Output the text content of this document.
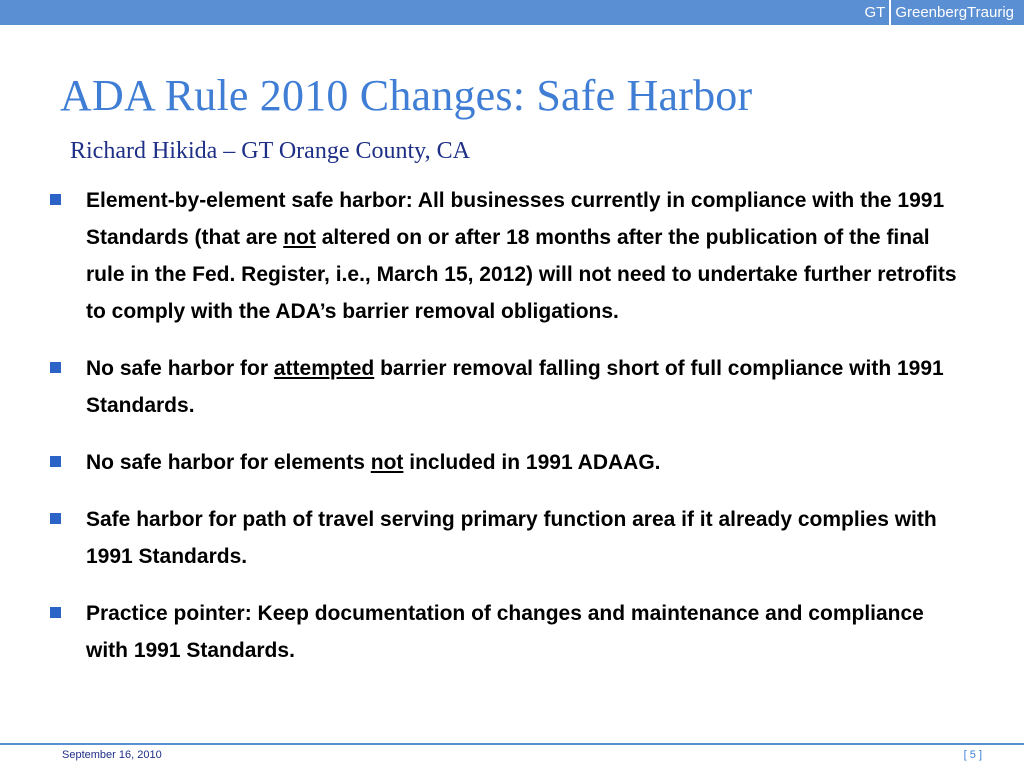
GT GreenbergTraurig
ADA Rule 2010 Changes: Safe Harbor
Richard Hikida – GT Orange County, CA
Element-by-element safe harbor: All businesses currently in compliance with the 1991 Standards (that are not altered on or after 18 months after the publication of the final rule in the Fed. Register, i.e., March 15, 2012) will not need to undertake further retrofits to comply with the ADA’s barrier removal obligations.
No safe harbor for attempted barrier removal falling short of full compliance with 1991 Standards.
No safe harbor for elements not included in 1991 ADAAG.
Safe harbor for path of travel serving primary function area if it already complies with 1991 Standards.
Practice pointer: Keep documentation of changes and maintenance and compliance with 1991 Standards.
September 16, 2010	[ 5 ]
